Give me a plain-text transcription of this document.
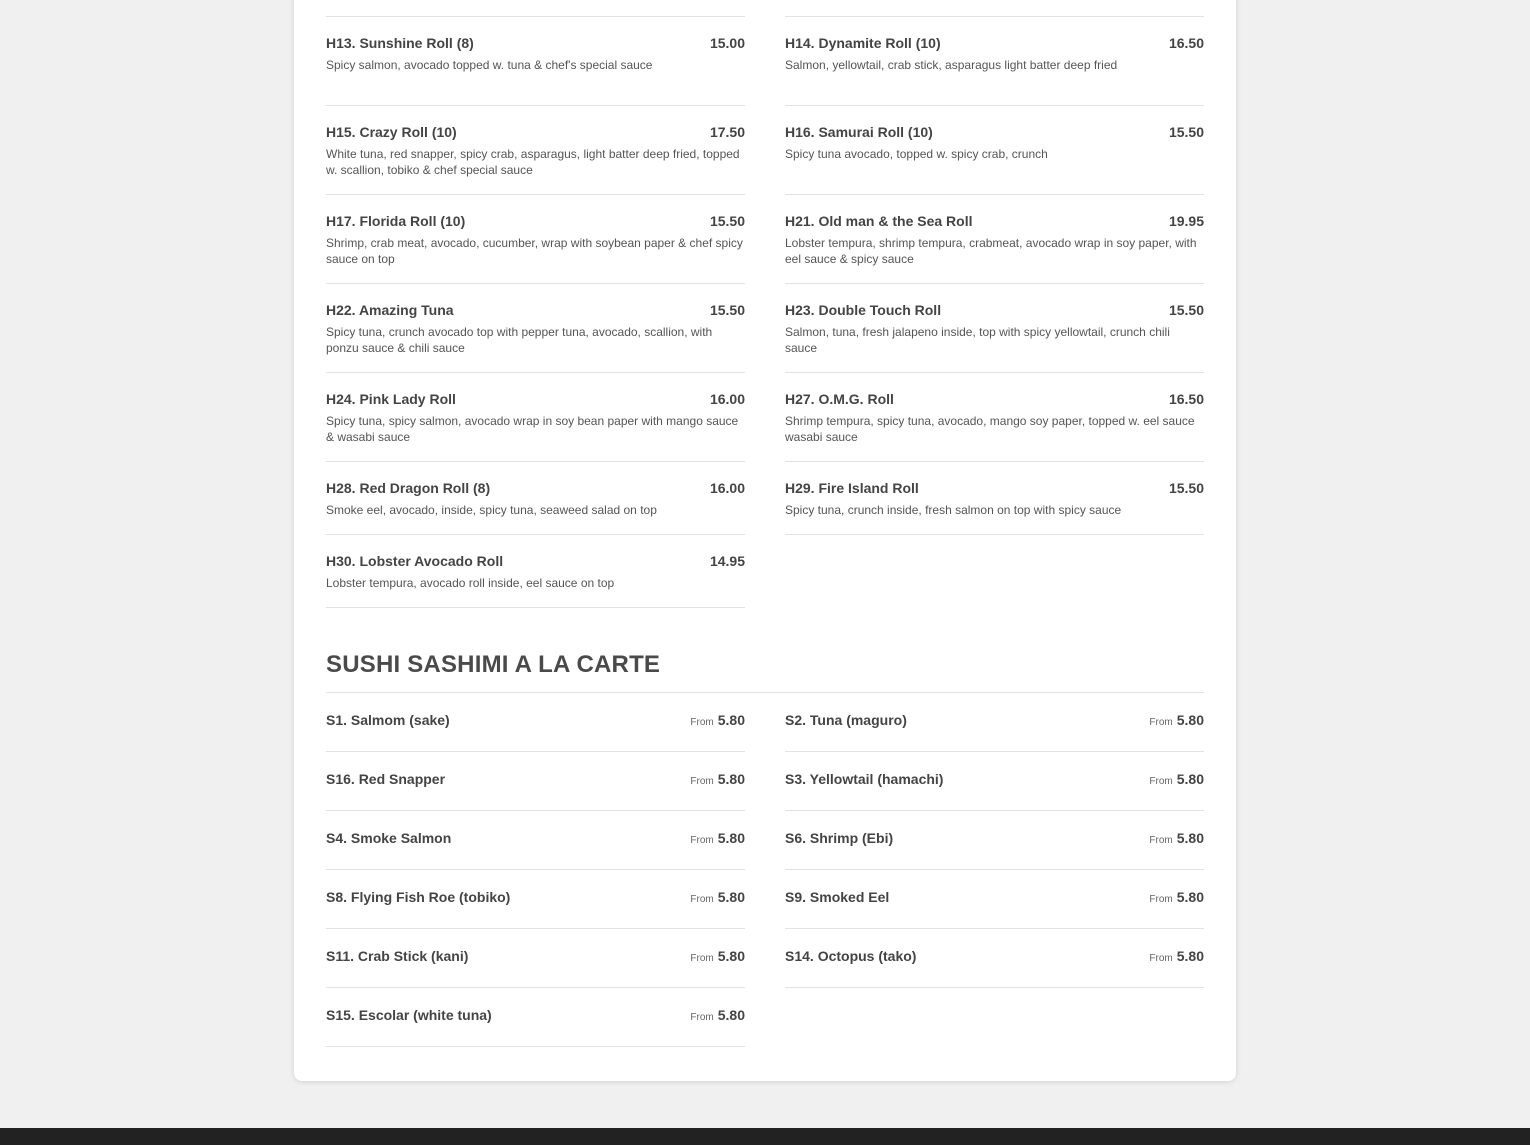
H13. Sunshine Roll (8)	15.00
Spicy salmon, avocado topped w. tuna & chef's special sauce
H14. Dynamite Roll (10)	16.50
Salmon, yellowtail, crab stick, asparagus light batter deep fried
H15. Crazy Roll (10)	17.50
White tuna, red snapper, spicy crab, asparagus, light batter deep fried, topped w. scallion, tobiko & chef special sauce
H16. Samurai Roll (10)	15.50
Spicy tuna avocado, topped w. spicy crab, crunch
H17. Florida Roll (10)	15.50
Shrimp, crab meat, avocado, cucumber, wrap with soybean paper & chef spicy sauce on top
H21. Old man & the Sea Roll	19.95
Lobster tempura, shrimp tempura, crabmeat, avocado wrap in soy paper, with eel sauce & spicy sauce
H22. Amazing Tuna	15.50
Spicy tuna, crunch avocado top with pepper tuna, avocado, scallion, with ponzu sauce & chili sauce
H23. Double Touch Roll	15.50
Salmon, tuna, fresh jalapeno inside, top with spicy yellowtail, crunch chili sauce
H24. Pink Lady Roll	16.00
Spicy tuna, spicy salmon, avocado wrap in soy bean paper with mango sauce & wasabi sauce
H27. O.M.G. Roll	16.50
Shrimp tempura, spicy tuna, avocado, mango soy paper, topped w. eel sauce wasabi sauce
H28. Red Dragon Roll (8)	16.00
Smoke eel, avocado, inside, spicy tuna, seaweed salad on top
H29. Fire Island Roll	15.50
Spicy tuna, crunch inside, fresh salmon on top with spicy sauce
H30. Lobster Avocado Roll	14.95
Lobster tempura, avocado roll inside, eel sauce on top
SUSHI SASHIMI A LA CARTE
S1. Salmom (sake)	From 5.80	S2. Tuna (maguro)	From 5.80
S16. Red Snapper	From 5.80	S3. Yellowtail (hamachi)	From 5.80
S4. Smoke Salmon	From 5.80	S6. Shrimp (Ebi)	From 5.80
S8. Flying Fish Roe (tobiko)	From 5.80	S9. Smoked Eel	From 5.80
S11. Crab Stick (kani)	From 5.80	S14. Octopus (tako)	From 5.80
S15. Escolar (white tuna)	From 5.80
